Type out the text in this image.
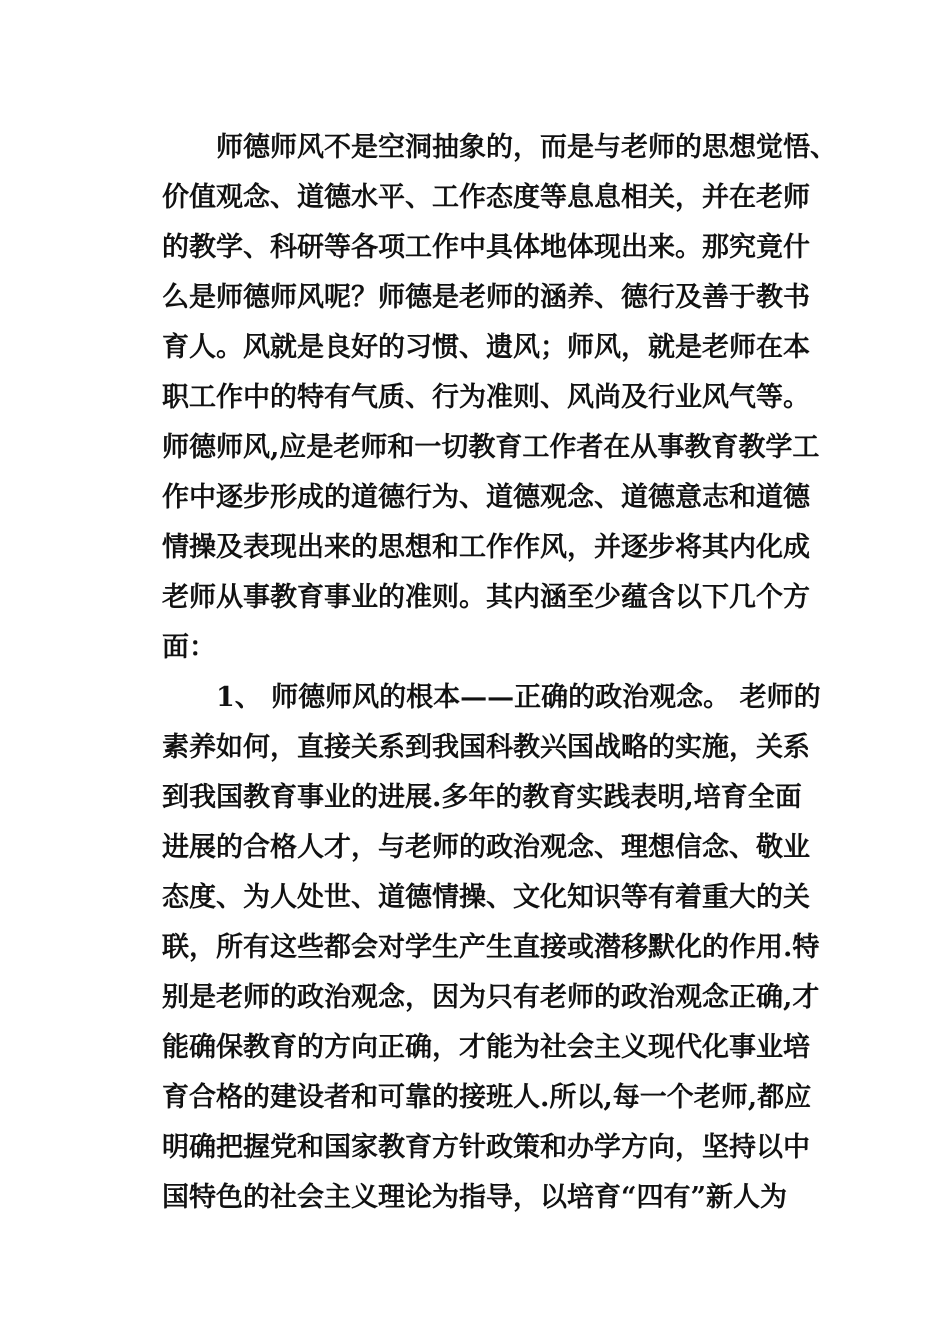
师德师风不是空洞抽象的，而是与老师的思想觉悟、
价值观念、道德水平、工作态度等息息相关，并在老师
的教学、科研等各项工作中具体地体现出来。那究竟什
么是师德师风呢？师德是老师的涵养、德行及善于教书
育人。风就是良好的习惯、遗风；师风，就是老师在本
职工作中的特有气质、行为准则、风尚及行业风气等。
师德师风,应是老师和一切教育工作者在从事教育教学工
作中逐步形成的道德行为、道德观念、道德意志和道德
情操及表现出来的思想和工作作风，并逐步将其内化成
老师从事教育事业的准则。其内涵至少蕴含以下几个方
面：
1、 师德师风的根本——正确的政治观念。 老师的
素养如何，直接关系到我国科教兴国战略的实施，关系
到我国教育事业的进展.多年的教育实践表明,培育全面
进展的合格人才，与老师的政治观念、理想信念、敬业
态度、为人处世、道德情操、文化知识等有着重大的关
联，所有这些都会对学生产生直接或潜移默化的作用.特
别是老师的政治观念，因为只有老师的政治观念正确,才
能确保教育的方向正确，才能为社会主义现代化事业培
育合格的建设者和可靠的接班人.所以,每一个老师,都应
明确把握党和国家教育方针政策和办学方向，坚持以中
国特色的社会主义理论为指导，以培育“四有”新人为
